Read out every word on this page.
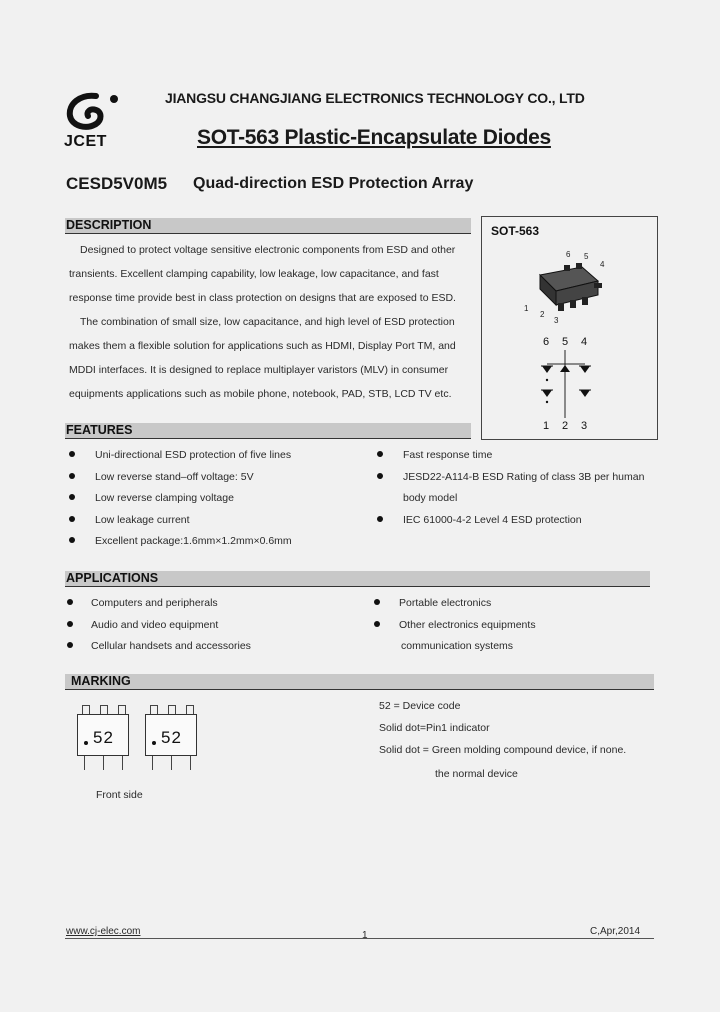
JCET
JIANGSU CHANGJIANG ELECTRONICS TECHNOLOGY CO., LTD
SOT-563 Plastic-Encapsulate Diodes
CESD5V0M5 Quad-direction ESD Protection Array
DESCRIPTION
Designed to protect voltage sensitive electronic components from ESD and other
transients. Excellent clamping capability, low leakage, low capacitance, and fast
response time provide best in class protection on designs that are exposed to ESD.
The combination of small size, low capacitance, and high level of ESD protection
makes them a flexible solution for applications such as HDMI, Display Port TM, and
MDDI interfaces. It is designed to replace multiplayer varistors (MLV) in consumer
equipments applications such as mobile phone, notebook, PAD, STB, LCD TV etc.
SOT-563
6 5
4
1
2
3
6 5 4
1 2 3
FEATURES
Uni-directional ESD protection of five lines
Low reverse stand–off voltage: 5V
Low reverse clamping voltage
Low leakage current
Excellent package:1.6mm×1.2mm×0.6mm
Fast response time
JESD22-A114-B ESD Rating of class 3B per human
body model
IEC 61000-4-2 Level 4 ESD protection
APPLICATIONS
Computers and peripherals
Audio and video equipment
Cellular handsets and accessories
Portable electronics
Other electronics equipments
communication systems
MARKING
52	52
Front side
52 = Device code
Solid dot=Pin1 indicator
Solid dot = Green molding compound device, if none.
the normal device
www.cj-elec.com	1	C,Apr,2014
